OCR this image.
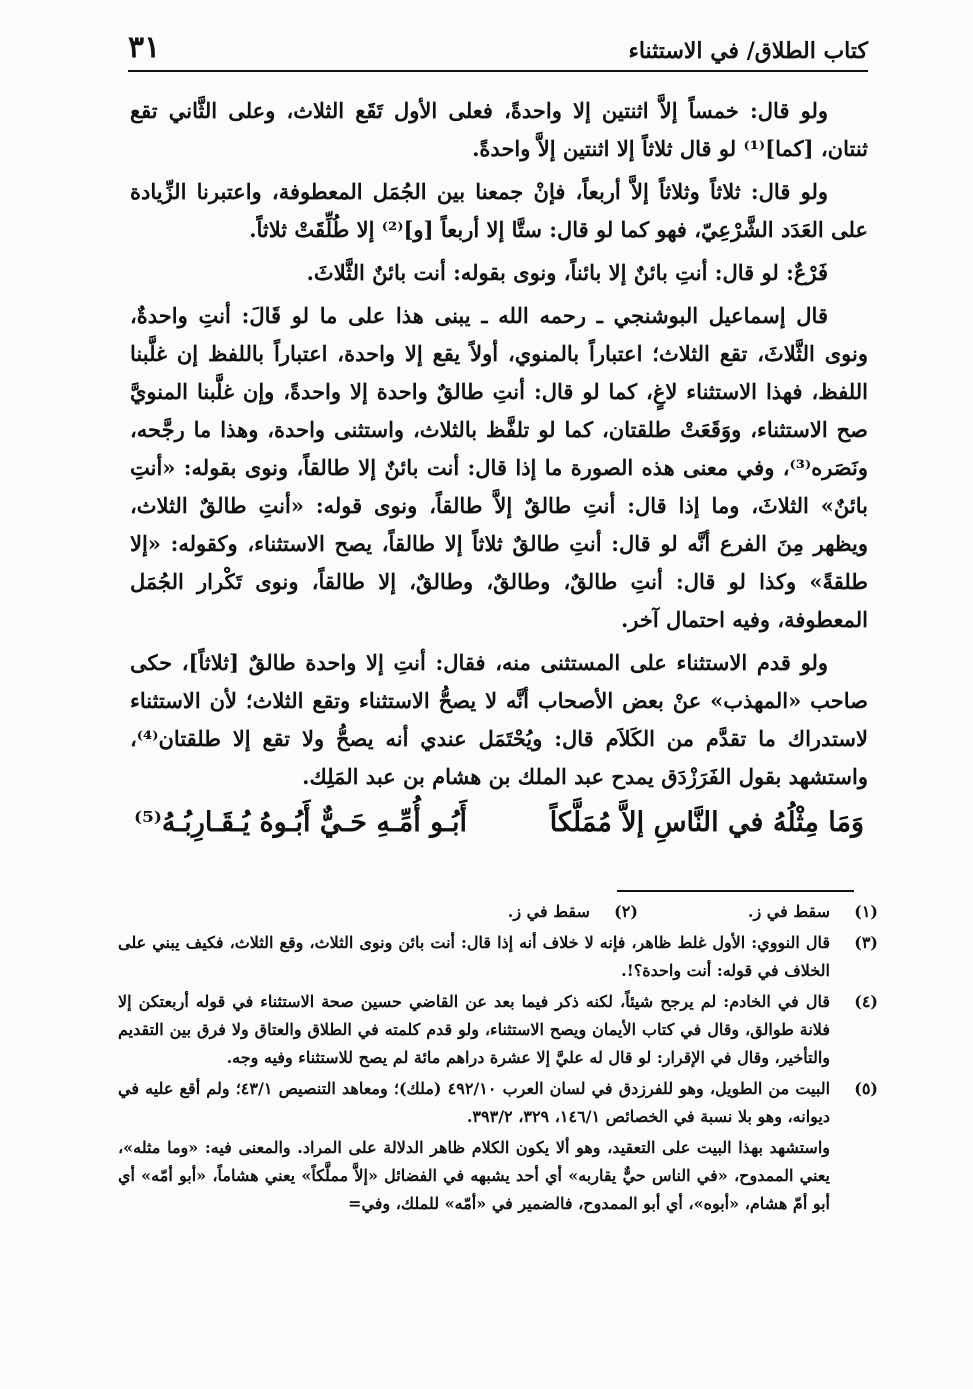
كتاب الطلاق/ في الاستثناء
٣١

ولو قال: خمساً إلاَّ اثنتين إلا واحدةً، فعلى الأول تَقَع الثلاث، وعلى الثَّاني تقع ثنتان، [كما]⁽¹⁾ لو قال ثلاثاً إلا اثنتين إلاَّ واحدةً.

ولو قال: ثلاثاً وثلاثاً إلاَّ أربعاً، فإنْ جمعنا بين الجُمَل المعطوفة، واعتبرنا الزِّيادة على العَدَد الشَّرْعِيّ، فهو كما لو قال: ستَّا إلا أربعاً [و]⁽²⁾ إلا طُلِّقَتْ ثلاثاً.

فَرْعٌ: لو قال: أنتِ بائنٌ إلا بائناً، ونوى بقوله: أنت بائنٌ الثَّلاثَ.

قال إسماعيل البوشنجي ـ رحمه الله ـ يبنى هذا على ما لو قَالَ: أنتِ واحدةٌ، ونوى الثَّلاثَ، تقع الثلاث؛ اعتباراً بالمنوي، أولاً يقع إلا واحدة، اعتباراً باللفظ إن غلَّبنا اللفظ، فهذا الاستثناء لاغٍ، كما لو قال: أنتِ طالقٌ واحدة إلا واحدةً، وإن غلَّبنا المنويَّ صح الاستثناء، ووَقَعَتْ طلقتان، كما لو تلفَّظ بالثلاث، واستثنى واحدة، وهذا ما رجَّحه، ونَصَره⁽³⁾، وفي معنى هذه الصورة ما إذا قال: أنت بائنٌ إلا طالقاً، ونوى بقوله: «أنتِ بائنٌ» الثلاثَ، وما إذا قال: أنتِ طالقٌ إلاَّ طالقاً، ونوى قوله: «أنتِ طالقٌ الثلاث، ويظهر مِنَ الفرع أنَّه لو قال: أنتِ طالقٌ ثلاثاً إلا طالقاً، يصح الاستثناء، وكقوله: «إلا طلقةً» وكذا لو قال: أنتِ طالقٌ، وطالقٌ، وطالقٌ، إلا طالقاً، ونوى تَكْرار الجُمَل المعطوفة، وفيه احتمال آخر.

ولو قدم الاستثناء على المستثنى منه، فقال: أنتِ إلا واحدة طالقٌ [ثلاثاً]، حكى صاحب «المهذب» عنْ بعض الأصحاب أنَّه لا يصحُّ الاستثناء وتقع الثلاث؛ لأن الاستثناء لاستدراك ما تقدَّم من الكَلاَم قال: ويُحْتَمَل عندي أنه يصحُّ ولا تقع إلا طلقتان⁽⁴⁾، واستشهد بقول الفَرَزْدَق يمدح عبد الملك بن هشام بن عبد المَلِك.

وَمَا مِثْلُهُ في النَّاسِ إلاَّ مُمَلَّكاً
أَبُـو أُمِّـهِ حَـيٌّ أَبُـوهُ يُـقَـارِبُـهُ⁽⁵⁾
(١)
سقط في ز.
(٢)
سقط في ز.
(٣)
قال النووي: الأول غلط ظاهر، فإنه لا خلاف أنه إذا قال: أنت بائن ونوى الثلاث، وقع الثلاث، فكيف يبني على الخلاف في قوله: أنت واحدة؟!.
(٤)
قال في الخادم: لم يرجح شيئاً، لكنه ذكر فيما بعد عن القاضي حسين صحة الاستثناء في قوله أربعتكن إلا فلانة طوالق، وقال في كتاب الأيمان ويصح الاستثناء، ولو قدم كلمته في الطلاق والعتاق ولا فرق بين التقديم والتأخير، وقال في الإقرار: لو قال له عليَّ إلا عشرة دراهم مائة لم يصح للاستثناء وفيه وجه.
(٥)
البيت من الطويل، وهو للفرزدق في لسان العرب ٤٩٢/١٠ (ملك)؛ ومعاهد التنصيص ٤٣/١؛ ولم أقع عليه في ديوانه، وهو بلا نسبة في الخصائص ١٤٦/١، ٣٢٩، ٣٩٣/٢.
واستشهد بهذا البيت على التعقيد، وهو ألا يكون الكلام ظاهر الدلالة على المراد. والمعنى فيه: «وما مثله»، يعني الممدوح، «في الناس حيٌّ يقاربه» أي أحد يشبهه في الفضائل «إلاَّ مملَّكاً» يعني هشاماً، «أبو أمّه» أي أبو أمّ هشام، «أبوه»، أي أبو الممدوح، فالضمير في «أمّه» للملك، وفي=
